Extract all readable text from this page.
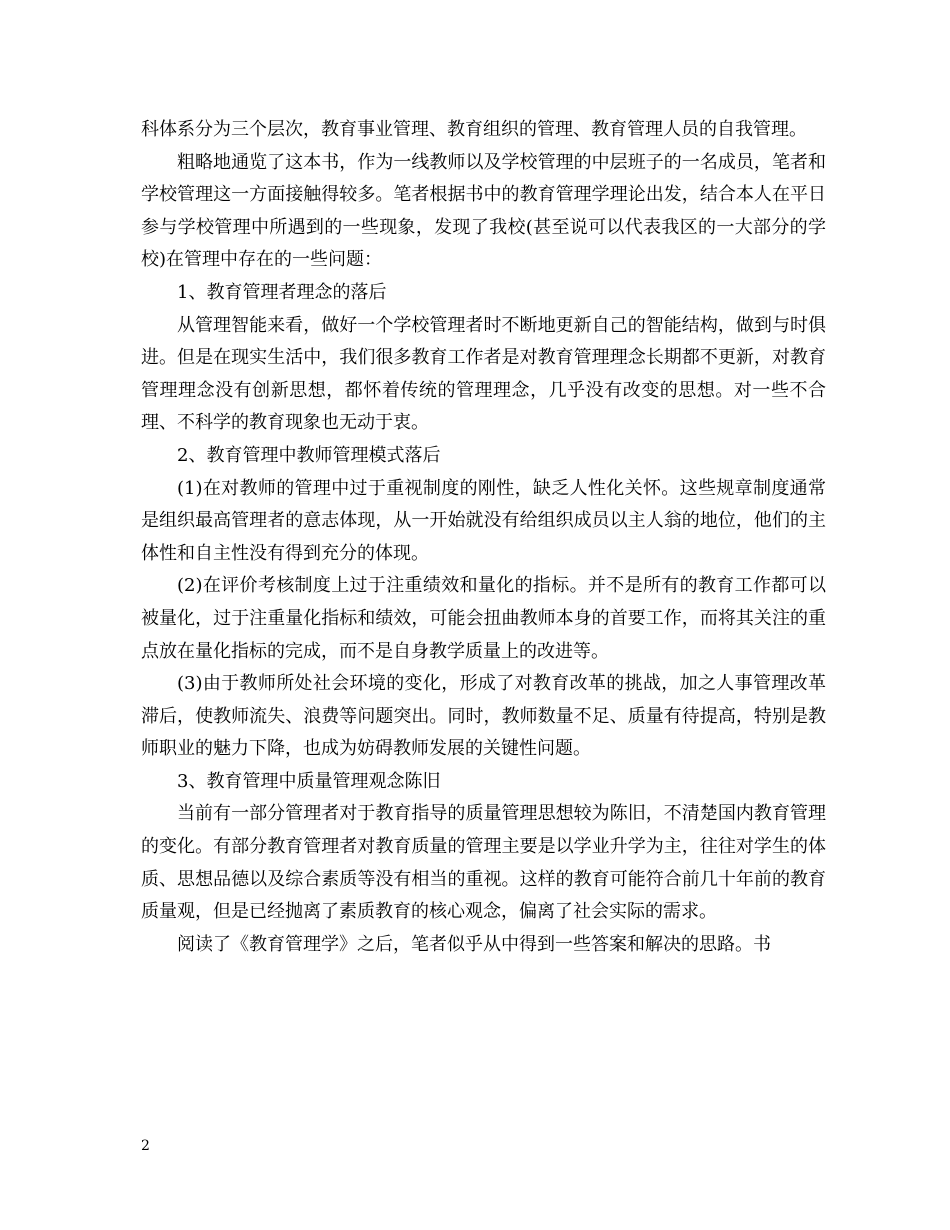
科体系分为三个层次，教育事业管理、教育组织的管理、教育管理人员的自我管理。

粗略地通览了这本书，作为一线教师以及学校管理的中层班子的一名成员，笔者和学校管理这一方面接触得较多。笔者根据书中的教育管理学理论出发，结合本人在平日参与学校管理中所遇到的一些现象，发现了我校(甚至说可以代表我区的一大部分的学校)在管理中存在的一些问题：

1、教育管理者理念的落后

从管理智能来看，做好一个学校管理者时不断地更新自己的智能结构，做到与时俱进。但是在现实生活中，我们很多教育工作者是对教育管理理念长期都不更新，对教育管理理念没有创新思想，都怀着传统的管理理念，几乎没有改变的思想。对一些不合理、不科学的教育现象也无动于衷。

2、教育管理中教师管理模式落后

(1)在对教师的管理中过于重视制度的刚性，缺乏人性化关怀。这些规章制度通常是组织最高管理者的意志体现，从一开始就没有给组织成员以主人翁的地位，他们的主体性和自主性没有得到充分的体现。

(2)在评价考核制度上过于注重绩效和量化的指标。并不是所有的教育工作都可以被量化，过于注重量化指标和绩效，可能会扭曲教师本身的首要工作，而将其关注的重点放在量化指标的完成，而不是自身教学质量上的改进等。

(3)由于教师所处社会环境的变化，形成了对教育改革的挑战，加之人事管理改革滞后，使教师流失、浪费等问题突出。同时，教师数量不足、质量有待提高，特别是教师职业的魅力下降，也成为妨碍教师发展的关键性问题。

3、教育管理中质量管理观念陈旧

当前有一部分管理者对于教育指导的质量管理思想较为陈旧，不清楚国内教育管理的变化。有部分教育管理者对教育质量的管理主要是以学业升学为主，往往对学生的体质、思想品德以及综合素质等没有相当的重视。这样的教育可能符合前几十年前的教育质量观，但是已经抛离了素质教育的核心观念，偏离了社会实际的需求。

阅读了《教育管理学》之后，笔者似乎从中得到一些答案和解决的思路。书

2
